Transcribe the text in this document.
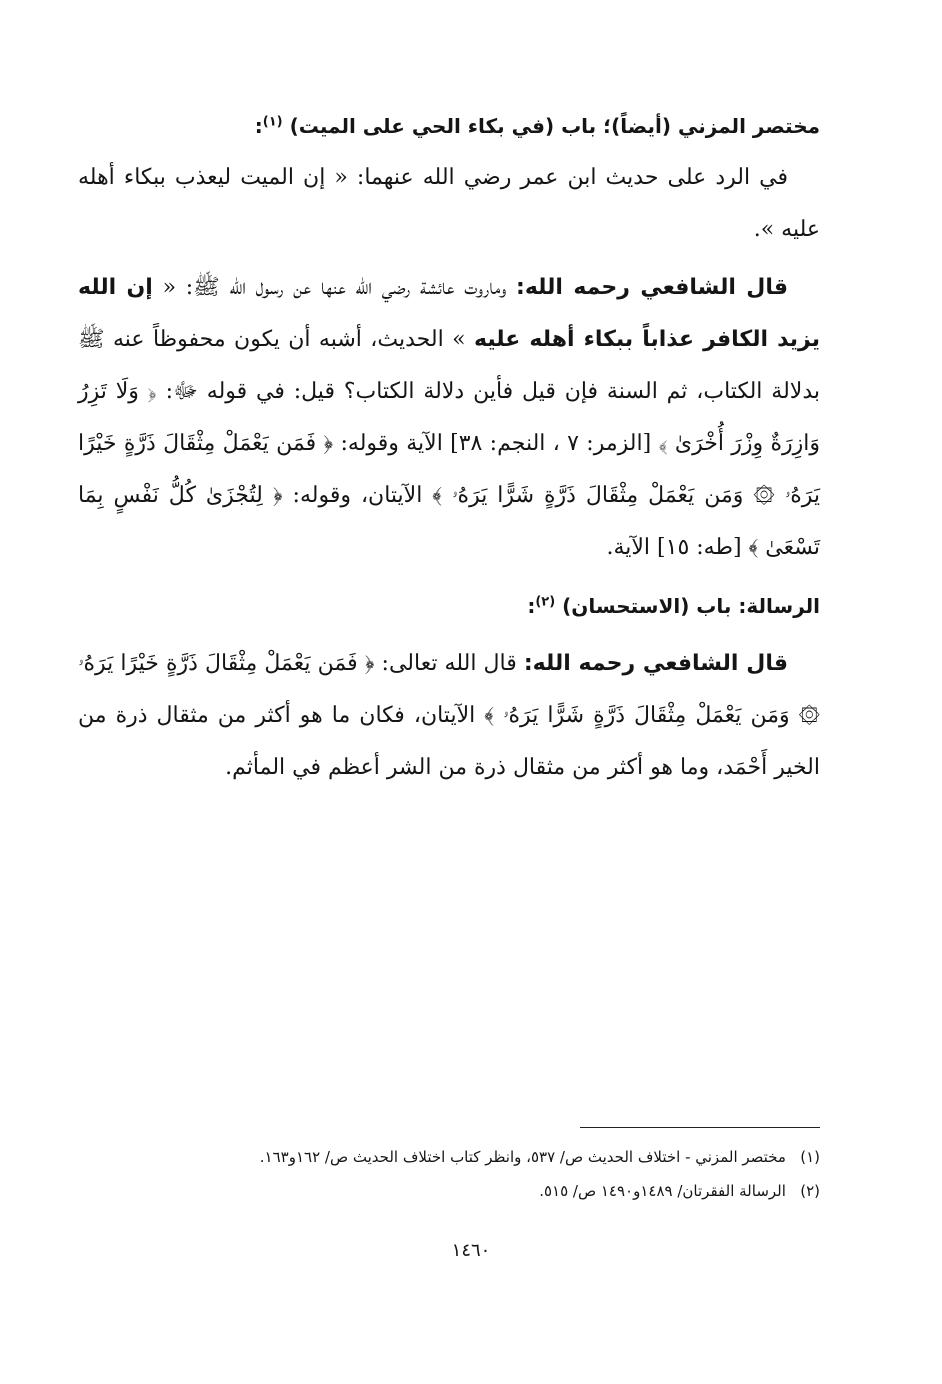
مختصر المزني (أيضاً)؛ باب (في بكاء الحي على الميت) $^{(١)}$:

في الرد على حديث ابن عمر رضي الله عنهما: « إن الميت ليعذب ببكاء أهله عليه ».

قال الشافعي رحمه الله: وماروت عائشة رضي الله عنها عن رسول الله ﷺ: « إن الله يزيد الكافر عذاباً ببكاء أهله عليه » الحديث، أشبه أن يكون محفوظاً عنه ﷺ بدلالة الكتاب، ثم السنة فإن قيل فأين دلالة الكتاب؟ قيل: في قوله ﷻ: ﴿ وَلَا تَزِرُ وَازِرَةٌ وِزْرَ أُخْرَىٰ ﴾ [الزمر: ٧ ، النجم: ٣٨] الآية وقوله: ﴿ فَمَن يَعْمَلْ مِثْقَالَ ذَرَّةٍ خَيْرًا يَرَهُۥ ۞ وَمَن يَعْمَلْ مِثْقَالَ ذَرَّةٍ شَرًّا يَرَهُۥ ﴾ الآيتان، وقوله: ﴿ لِتُجْزَىٰ كُلُّ نَفْسٍ بِمَا تَسْعَىٰ ﴾ [طه: ١٥] الآية.

الرسالة: باب (الاستحسان) $^{(٢)}$:

قال الشافعي رحمه الله: قال الله تعالى: ﴿ فَمَن يَعْمَلْ مِثْقَالَ ذَرَّةٍ خَيْرًا يَرَهُۥ ۞ وَمَن يَعْمَلْ مِثْقَالَ ذَرَّةٍ شَرًّا يَرَهُۥ ﴾ الآيتان، فكان ما هو أكثر من مثقال ذرة من الخير أَحْمَد، وما هو أكثر من مثقال ذرة من الشر أعظم في المأثم.

(١)   مختصر المزني - اختلاف الحديث ص/ ٥٣٧، وانظر كتاب اختلاف الحديث ص/ ١٦٢و١٦٣.

(٢)   الرسالة الفقرتان/ ١٤٨٩و١٤٩٠ ص/ ٥١٥.

١٤٦٠
